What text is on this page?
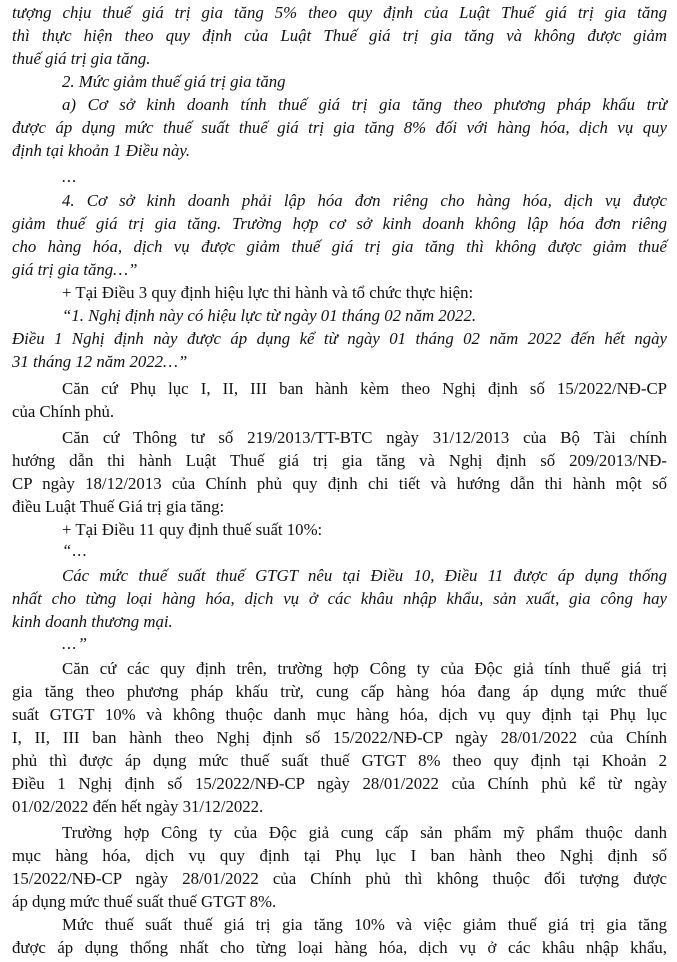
tượng chịu thuế giá trị gia tăng 5% theo quy định của Luật Thuế giá trị gia tăng
thì thực hiện theo quy định của Luật Thuế giá trị gia tăng và không được giảm
thuế giá trị gia tăng.
2. Mức giảm thuế giá trị gia tăng
a) Cơ sở kinh doanh tính thuế giá trị gia tăng theo phương pháp khấu trừ
được áp dụng mức thuế suất thuế giá trị gia tăng 8% đối với hàng hóa, dịch vụ quy
định tại khoản 1 Điều này.
...
4. Cơ sở kinh doanh phải lập hóa đơn riêng cho hàng hóa, dịch vụ được
giảm thuế giá trị gia tăng. Trường hợp cơ sở kinh doanh không lập hóa đơn riêng
cho hàng hóa, dịch vụ được giảm thuế giá trị gia tăng thì không được giảm thuế
giá trị gia tăng…”
+ Tại Điều 3 quy định hiệu lực thi hành và tổ chức thực hiện:
“1. Nghị định này có hiệu lực từ ngày 01 tháng 02 năm 2022.
Điều 1 Nghị định này được áp dụng kể từ ngày 01 tháng 02 năm 2022 đến hết ngày
31 tháng 12 năm 2022…”
Căn cứ Phụ lục I, II, III ban hành kèm theo Nghị định số 15/2022/NĐ-CP
của Chính phủ.
Căn cứ Thông tư số 219/2013/TT-BTC ngày 31/12/2013 của Bộ Tài chính
hướng dẫn thi hành Luật Thuế giá trị gia tăng và Nghị định số 209/2013/NĐ-
CP ngày 18/12/2013 của Chính phủ quy định chi tiết và hướng dẫn thi hành một số
điều Luật Thuế Giá trị gia tăng:
+ Tại Điều 11 quy định thuế suất 10%:
“...
Các mức thuế suất thuế GTGT nêu tại Điều 10, Điều 11 được áp dụng thống
nhất cho từng loại hàng hóa, dịch vụ ở các khâu nhập khẩu, sản xuất, gia công hay
kinh doanh thương mại.
...”
Căn cứ các quy định trên, trường hợp Công ty của Độc giả tính thuế giá trị
gia tăng theo phương pháp khấu trừ, cung cấp hàng hóa đang áp dụng mức thuế
suất GTGT 10% và không thuộc danh mục hàng hóa, dịch vụ quy định tại Phụ lục
I, II, III ban hành theo Nghị định số 15/2022/NĐ-CP ngày 28/01/2022 của Chính
phủ thì được áp dụng mức thuế suất thuế GTGT 8% theo quy định tại Khoản 2
Điều 1 Nghị định số 15/2022/NĐ-CP ngày 28/01/2022 của Chính phủ kể từ ngày
01/02/2022 đến hết ngày 31/12/2022.
Trường hợp Công ty của Độc giả cung cấp sản phẩm mỹ phẩm thuộc danh
mục hàng hóa, dịch vụ quy định tại Phụ lục I ban hành theo Nghị định số
15/2022/NĐ-CP ngày 28/01/2022 của Chính phủ thì không thuộc đối tượng được
áp dụng mức thuế suất thuế GTGT 8%.
Mức thuế suất thuế giá trị gia tăng 10% và việc giảm thuế giá trị gia tăng
được áp dụng thống nhất cho từng loại hàng hóa, dịch vụ ở các khâu nhập khẩu,
